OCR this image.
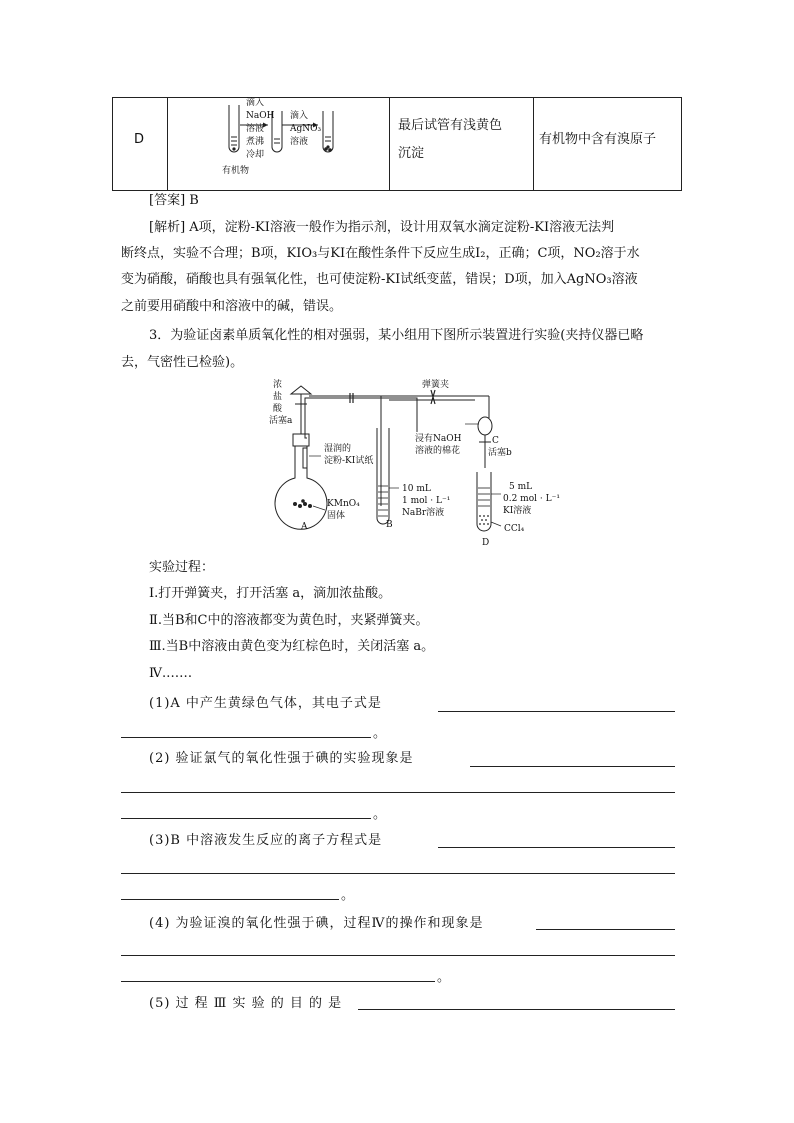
D
滴入
NaOH
溶液
煮沸
冷却
滴入
AgNO₃
溶液
有机物
最后试管有浅黄色
沉淀
有机物中含有溴原子
[答案] B
[解析] A项，淀粉-KI溶液一般作为指示剂，设计用双氧水滴定淀粉-KI溶液无法判
断终点，实验不合理；B项，KIO₃与KI在酸性条件下反应生成I₂，正确；C项，NO₂溶于水
变为硝酸，硝酸也具有强氧化性，也可使淀粉-KI试纸变蓝，错误；D项，加入AgNO₃溶液
之前要用硝酸中和溶液中的碱，错误。
3．为验证卤素单质氧化性的相对强弱，某小组用下图所示装置进行实验(夹持仪器已略
去，气密性已检验)。
浓
盐
酸
活塞a
弹簧夹
湿润的
淀粉-KI试纸
KMnO₄
固体
A	B
浸有NaOH
溶液的棉花
C
活塞b
10 mL
1 mol · L⁻¹
NaBr溶液
5 mL
0.2 mol · L⁻¹
KI溶液
CCl₄
D
实验过程：
Ⅰ.打开弹簧夹，打开活塞 a，滴加浓盐酸。
Ⅱ.当B和C中的溶液都变为黄色时，夹紧弹簧夹。
Ⅲ.当B中溶液由黄色变为红棕色时，关闭活塞 a。
Ⅳ.……
(1)A 中产生黄绿色气体，其电子式是
。
(2) 验证氯气的氧化性强于碘的实验现象是
。
(3)B 中溶液发生反应的离子方程式是
。
(4) 为验证溴的氧化性强于碘，过程Ⅳ的操作和现象是
。
(5) 过 程 Ⅲ 实 验 的 目 的 是
